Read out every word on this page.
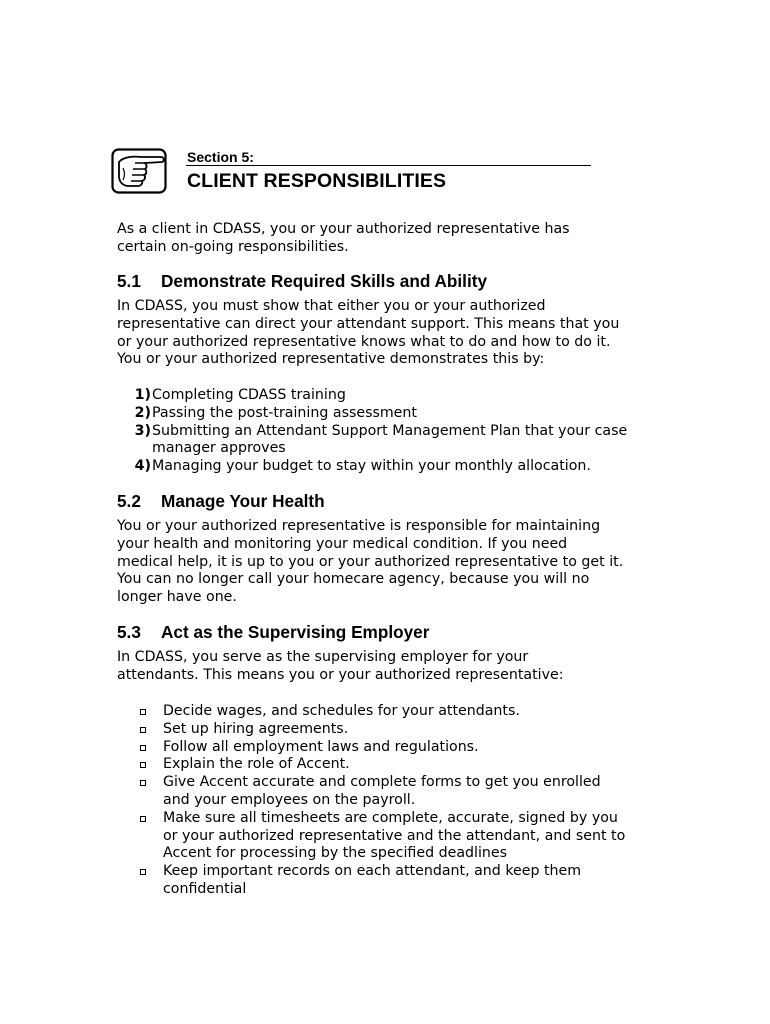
Section 5:
CLIENT RESPONSIBILITIES
As a client in CDASS, you or your authorized representative has
certain on-going responsibilities.
5.1 Demonstrate Required Skills and Ability
In CDASS, you must show that either you or your authorized
representative can direct your attendant support. This means that you
or your authorized representative knows what to do and how to do it.
You or your authorized representative demonstrates this by:
1) Completing CDASS training
2) Passing the post-training assessment
3) Submitting an Attendant Support Management Plan that your case
manager approves
4) Managing your budget to stay within your monthly allocation.
5.2 Manage Your Health
You or your authorized representative is responsible for maintaining
your health and monitoring your medical condition. If you need
medical help, it is up to you or your authorized representative to get it.
You can no longer call your homecare agency, because you will no
longer have one.
5.3 Act as the Supervising Employer
In CDASS, you serve as the supervising employer for your
attendants. This means you or your authorized representative:
Decide wages, and schedules for your attendants.
Set up hiring agreements.
Follow all employment laws and regulations.
Explain the role of Accent.
Give Accent accurate and complete forms to get you enrolled
and your employees on the payroll.
Make sure all timesheets are complete, accurate, signed by you
or your authorized representative and the attendant, and sent to
Accent for processing by the specified deadlines
Keep important records on each attendant, and keep them
confidential
